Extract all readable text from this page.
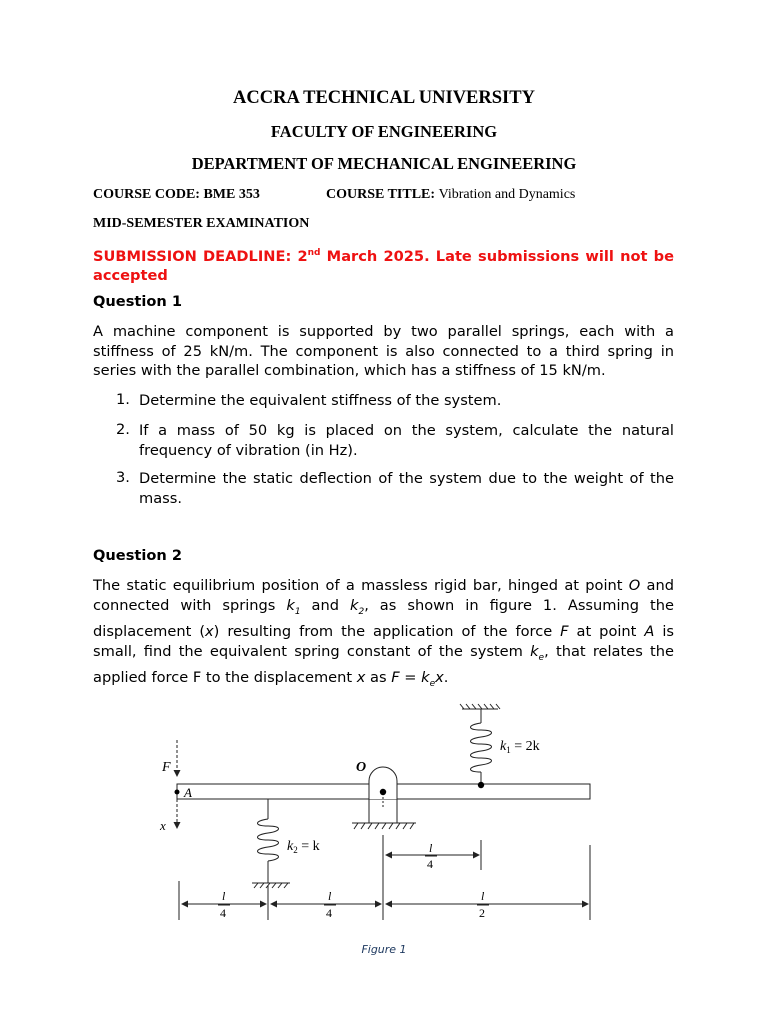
ACCRA TECHNICAL UNIVERSITY
FACULTY OF ENGINEERING
DEPARTMENT OF MECHANICAL ENGINEERING
COURSE CODE: BME 353	COURSE TITLE: Vibration and Dynamics
MID-SEMESTER EXAMINATION
SUBMISSION DEADLINE: 2nd March 2025. Late submissions will not be accepted
Question 1
A machine component is supported by two parallel springs, each with a stiffness of 25 kN/m. The component is also connected to a third spring in series with the parallel combination, which has a stiffness of 15 kN/m.
1. Determine the equivalent stiffness of the system.
2. If a mass of 50 kg is placed on the system, calculate the natural frequency of vibration (in Hz).
3. Determine the static deflection of the system due to the weight of the mass.
Question 2
The static equilibrium position of a massless rigid bar, hinged at point O and connected with springs $k_1$ and $k_2$, as shown in figure 1. Assuming the displacement (x) resulting from the application of the force F at point A is small, find the equivalent spring constant of the system $k_e$, that relates the applied force F to the displacement x as $F = k_ex$.
F
A
x
O
$k_1 = 2k$
$k_2 = k$
l
4
l
4
l
2
l
4
Figure 1
